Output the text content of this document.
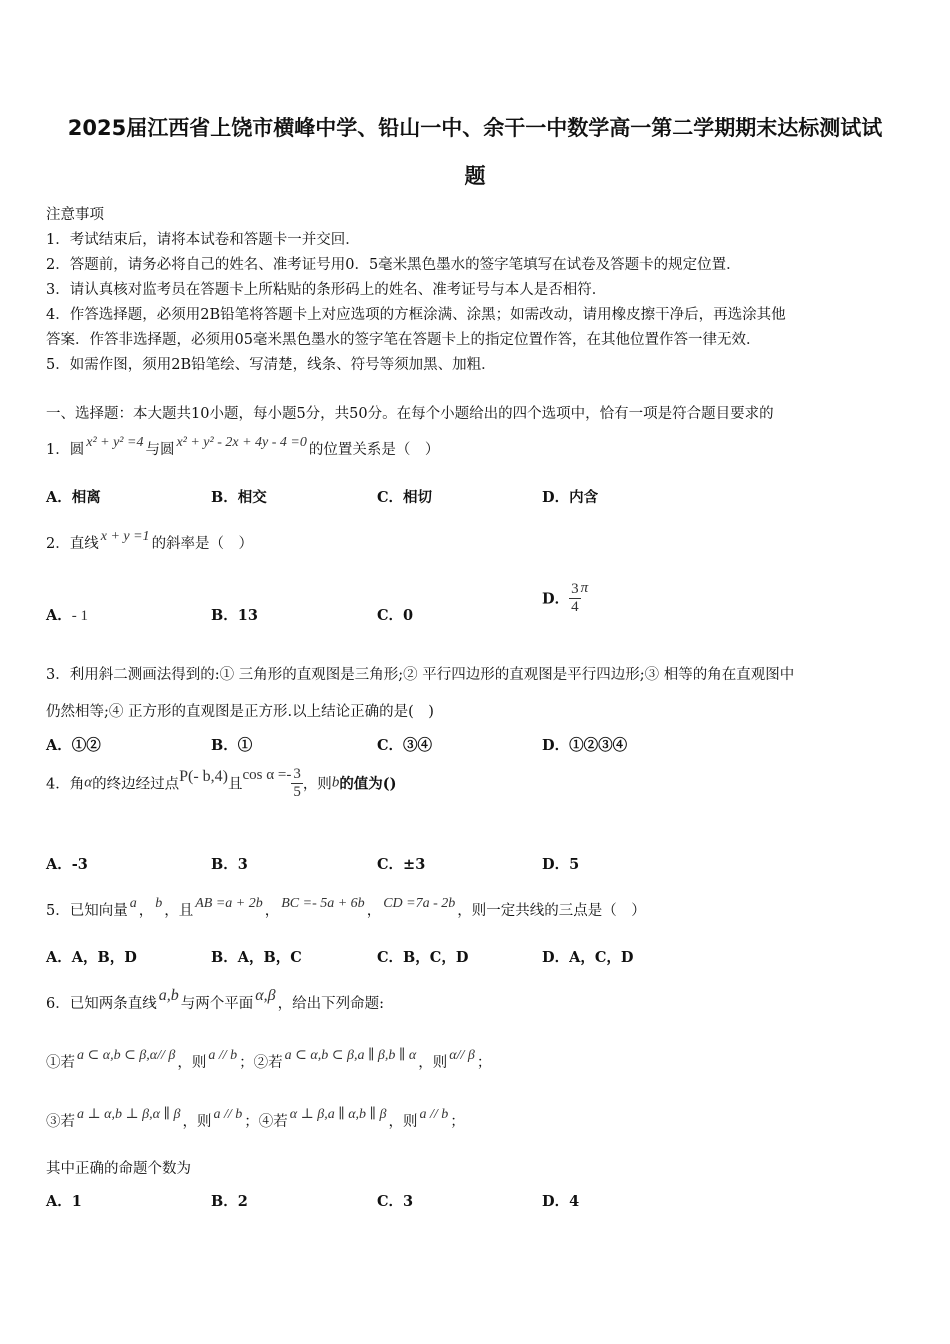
2025届江西省上饶市横峰中学、铅山一中、余干一中数学高一第二学期期末达标测试试
题
注意事项
1．考试结束后，请将本试卷和答题卡一并交回．
2．答题前，请务必将自己的姓名、准考证号用0．5毫米黑色墨水的签字笔填写在试卷及答题卡的规定位置．
3．请认真核对监考员在答题卡上所粘贴的条形码上的姓名、准考证号与本人是否相符．
4．作答选择题，必须用2B铅笔将答题卡上对应选项的方框涂满、涂黑；如需改动，请用橡皮擦干净后，再选涂其他
答案．作答非选择题，必须用05毫米黑色墨水的签字笔在答题卡上的指定位置作答，在其他位置作答一律无效．
5．如需作图，须用2B铅笔绘、写清楚，线条、符号等须加黑、加粗．
一、选择题：本大题共10小题，每小题5分，共50分。在每个小题给出的四个选项中，恰有一项是符合题目要求的
1．圆 x² + y² =4 与圆 x² + y² - 2x + 4y - 4 =0 的位置关系是（　）
A．相离	B．相交	C．相切	D．内含
2．直线 x + y =1 的斜率是（　）
A．- 1	B．13	C．0
D． $\frac{3}{4}$ π
3．利用斜二测画法得到的:① 三角形的直观图是三角形;② 平行四边形的直观图是平行四边形;③ 相等的角在直观图中
仍然相等;④ 正方形的直观图是正方形.以上结论正确的是(　)
A．①②	B．①	C．③④	D．①②③④
4．角α的终边经过点P(- b,4)且$\cos \alpha =- \frac{3}{5}$ ，则b的值为()
A．-3	B．3	C．±3	D．5
5．已知向量 a ， b ，且 AB =a + 2b ， BC =- 5a + 6b ， CD =7a - 2b ，则一定共线的三点是（　）
A．A，B，D	B．A，B，C	C．B，C，D	D．A，C，D
6．已知两条直线 a,b 与两个平面 α,β ，给出下列命题:
①若 a ⊂ α,b ⊂ β,α// β ，则 a // b ；②若 a ⊂ α,b ⊂ β,a ∥ β,b ∥ α ，则 α// β ；
③若 a ⊥ α,b ⊥ β,α ∥ β ，则 a // b ；④若 α ⊥ β,a ∥ α,b ∥ β ，则 a // b ；
其中正确的命题个数为
A．1	B．2	C．3	D．4
